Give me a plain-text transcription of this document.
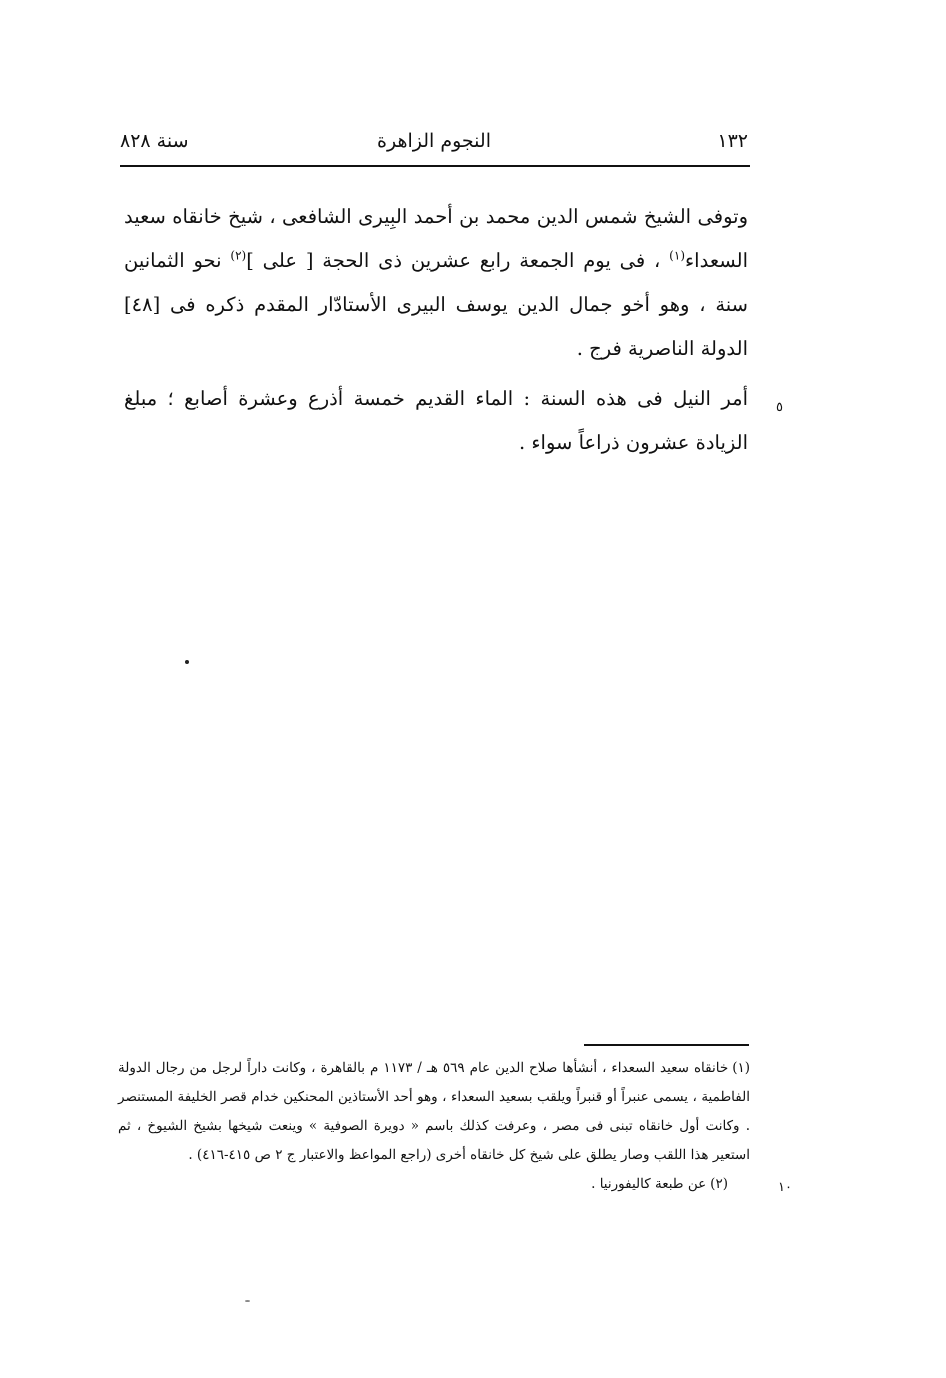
١٣٢
النجوم الزاهرة
سنة ٨٢٨

وتوفى الشيخ شمس الدين محمد بن أحمد البِيرى الشافعى ، شيخ خانقاه سعيد السعداء$^{(١)}$ ، فى يوم الجمعة رابع عشرين ذى الحجة [ على ]$^{(٢)}$ نحو الثمانين سنة ، وهو أخو جمال الدين يوسف البيرى الأستادّار المقدم ذكره فى [٤٨] الدولة الناصرية فرج .

أمر النيل فى هذه السنة : الماء القديم خمسة أذرع وعشرة أصابع ؛ مبلغ الزيادة عشرون ذراعاً سواء .

٥

(١)خانقاه سعيد السعداء ، أنشأها صلاح الدين عام ٥٦٩ هـ / ١١٧٣ م بالقاهرة ، وكانت داراً لرجل من رجال الدولة الفاطمية ، يسمى عنبراً أو قنبراً ويلقب بسعيد السعداء ، وهو أحد الأستاذين المحنكين خدام قصر الخليفة المستنصر . وكانت أول خانقاه تبنى فى مصر ، وعرفت كذلك باسم « دويرة الصوفية » وينعت شيخها بشيخ الشيوخ ، ثم استعير هذا اللقب وصار يطلق على شيخ كل خانقاه أخرى (راجع المواعظ والاعتبار ج ٢ ص ٤١٥-٤١٦) .

(٢)عن طبعة كاليفورنيا .	١٠
